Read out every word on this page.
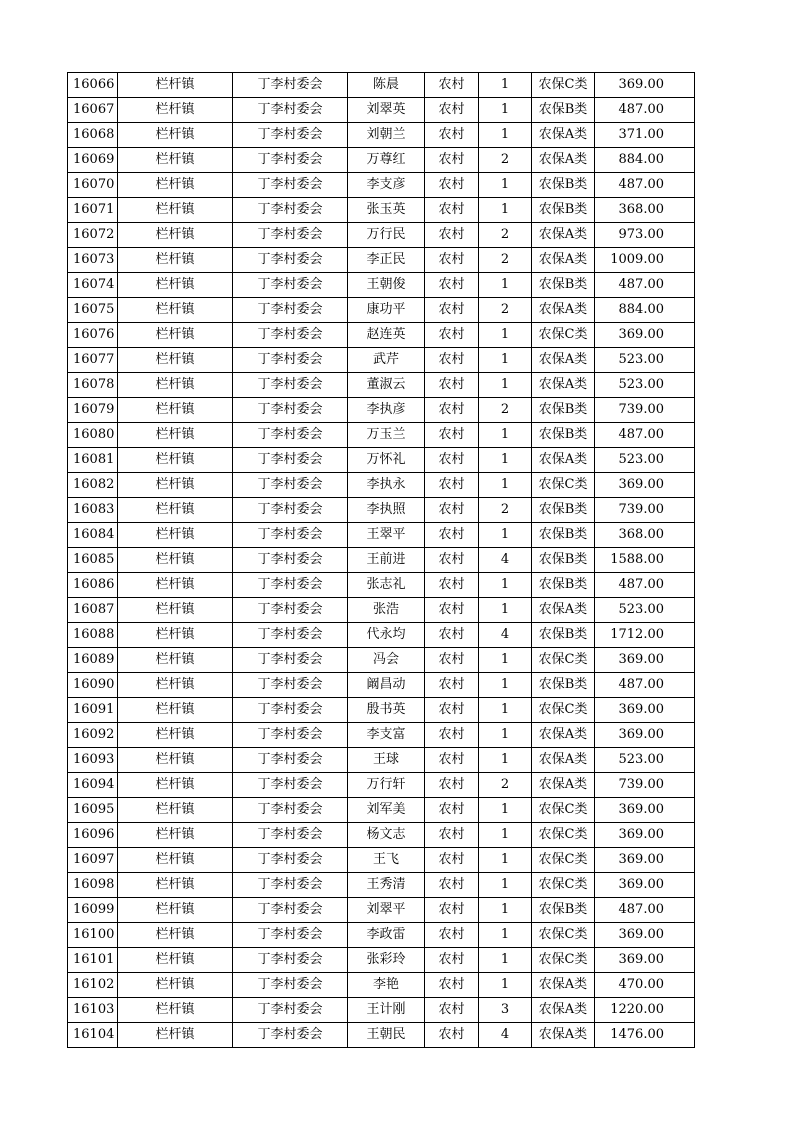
16066	栏杆镇	丁李村委会	陈晨	农村	1	农保C类	369.00
16067	栏杆镇	丁李村委会	刘翠英	农村	1	农保B类	487.00
16068	栏杆镇	丁李村委会	刘朝兰	农村	1	农保A类	371.00
16069	栏杆镇	丁李村委会	万尊红	农村	2	农保A类	884.00
16070	栏杆镇	丁李村委会	李支彦	农村	1	农保B类	487.00
16071	栏杆镇	丁李村委会	张玉英	农村	1	农保B类	368.00
16072	栏杆镇	丁李村委会	万行民	农村	2	农保A类	973.00
16073	栏杆镇	丁李村委会	李正民	农村	2	农保A类	1009.00
16074	栏杆镇	丁李村委会	王朝俊	农村	1	农保B类	487.00
16075	栏杆镇	丁李村委会	康功平	农村	2	农保A类	884.00
16076	栏杆镇	丁李村委会	赵连英	农村	1	农保C类	369.00
16077	栏杆镇	丁李村委会	武芹	农村	1	农保A类	523.00
16078	栏杆镇	丁李村委会	董淑云	农村	1	农保A类	523.00
16079	栏杆镇	丁李村委会	李执彦	农村	2	农保B类	739.00
16080	栏杆镇	丁李村委会	万玉兰	农村	1	农保B类	487.00
16081	栏杆镇	丁李村委会	万怀礼	农村	1	农保A类	523.00
16082	栏杆镇	丁李村委会	李执永	农村	1	农保C类	369.00
16083	栏杆镇	丁李村委会	李执照	农村	2	农保B类	739.00
16084	栏杆镇	丁李村委会	王翠平	农村	1	农保B类	368.00
16085	栏杆镇	丁李村委会	王前进	农村	4	农保B类	1588.00
16086	栏杆镇	丁李村委会	张志礼	农村	1	农保B类	487.00
16087	栏杆镇	丁李村委会	张浩	农村	1	农保A类	523.00
16088	栏杆镇	丁李村委会	代永均	农村	4	农保B类	1712.00
16089	栏杆镇	丁李村委会	冯会	农村	1	农保C类	369.00
16090	栏杆镇	丁李村委会	阚昌动	农村	1	农保B类	487.00
16091	栏杆镇	丁李村委会	殷书英	农村	1	农保C类	369.00
16092	栏杆镇	丁李村委会	李支富	农村	1	农保A类	369.00
16093	栏杆镇	丁李村委会	王球	农村	1	农保A类	523.00
16094	栏杆镇	丁李村委会	万行轩	农村	2	农保A类	739.00
16095	栏杆镇	丁李村委会	刘军美	农村	1	农保C类	369.00
16096	栏杆镇	丁李村委会	杨文志	农村	1	农保C类	369.00
16097	栏杆镇	丁李村委会	王飞	农村	1	农保C类	369.00
16098	栏杆镇	丁李村委会	王秀清	农村	1	农保C类	369.00
16099	栏杆镇	丁李村委会	刘翠平	农村	1	农保B类	487.00
16100	栏杆镇	丁李村委会	李政雷	农村	1	农保C类	369.00
16101	栏杆镇	丁李村委会	张彩玲	农村	1	农保C类	369.00
16102	栏杆镇	丁李村委会	李艳	农村	1	农保A类	470.00
16103	栏杆镇	丁李村委会	王计刚	农村	3	农保A类	1220.00
16104	栏杆镇	丁李村委会	王朝民	农村	4	农保A类	1476.00
